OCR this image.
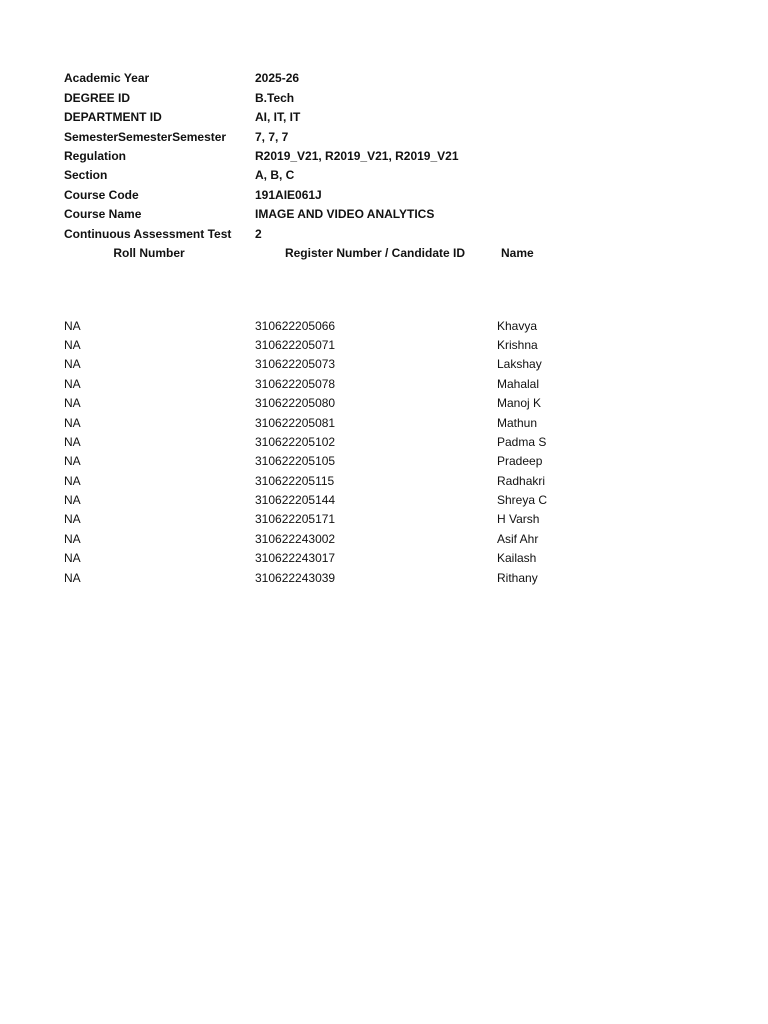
Academic Year	2025-26
DEGREE ID	B.Tech
DEPARTMENT ID	AI, IT, IT
SemesterSemesterSemester 7, 7, 7
Regulation	R2019_V21, R2019_V21, R2019_V21
Section	A, B, C
Course Code	191AIE061J
Course Name	IMAGE AND VIDEO ANALYTICS
Continuous Assessment Test 2
Roll Number	Register Number / Candidate ID	Name
NA	310622205066	Khavya
NA	310622205071	Krishna
NA	310622205073	Lakshay
NA	310622205078	Mahalal
NA	310622205080	Manoj K
NA	310622205081	Mathun
NA	310622205102	Padma S
NA	310622205105	Pradeep
NA	310622205115	Radhakri
NA	310622205144	Shreya C
NA	310622205171	H Varsh
NA	310622243002	Asif Ahr
NA	310622243017	Kailash
NA	310622243039	Rithany
